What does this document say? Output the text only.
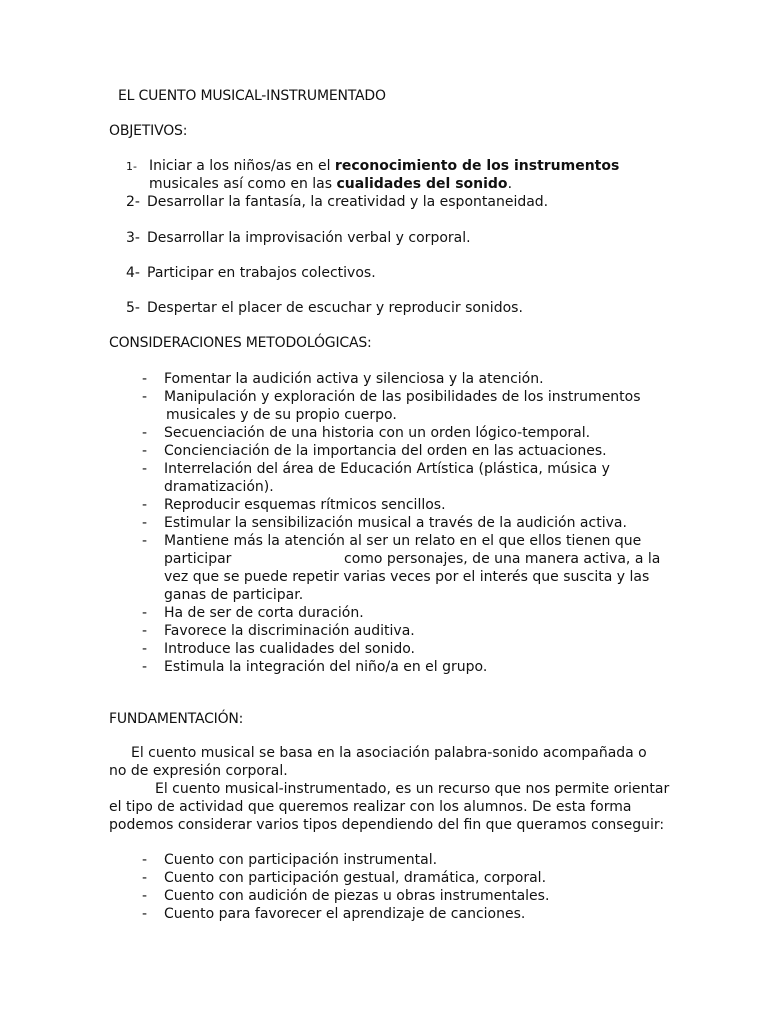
EL CUENTO MUSICAL-INSTRUMENTADO
OBJETIVOS:
1- Iniciar a los niños/as en el reconocimiento de los instrumentos
musicales así como en las cualidades del sonido.
2- Desarrollar la fantasía, la creatividad y la espontaneidad.
3- Desarrollar la improvisación verbal y corporal.
4- Participar en trabajos colectivos.
5- Despertar el placer de escuchar y reproducir sonidos.
CONSIDERACIONES METODOLÓGICAS:
- Fomentar la audición activa y silenciosa y la atención.
- Manipulación y exploración de las posibilidades de los instrumentos
musicales y de su propio cuerpo.
- Secuenciación de una historia con un orden lógico-temporal.
- Concienciación de la importancia del orden en las actuaciones.
- Interrelación del área de Educación Artística (plástica, música y
dramatización).
- Reproducir esquemas rítmicos sencillos.
- Estimular la sensibilización musical a través de la audición activa.
- Mantiene más la atención al ser un relato en el que ellos tienen que
participar	como personajes, de una manera activa, a la
vez que se puede repetir varias veces por el interés que suscita y las
ganas de participar.
- Ha de ser de corta duración.
- Favorece la discriminación auditiva.
- Introduce las cualidades del sonido.
- Estimula la integración del niño/a en el grupo.
FUNDAMENTACIÓN:
El cuento musical se basa en la asociación palabra-sonido acompañada o
no de expresión corporal.
El cuento musical-instrumentado, es un recurso que nos permite orientar
el tipo de actividad que queremos realizar con los alumnos. De esta forma
podemos considerar varios tipos dependiendo del fin que queramos conseguir:
- Cuento con participación instrumental.
- Cuento con participación gestual, dramática, corporal.
- Cuento con audición de piezas u obras instrumentales.
- Cuento para favorecer el aprendizaje de canciones.
